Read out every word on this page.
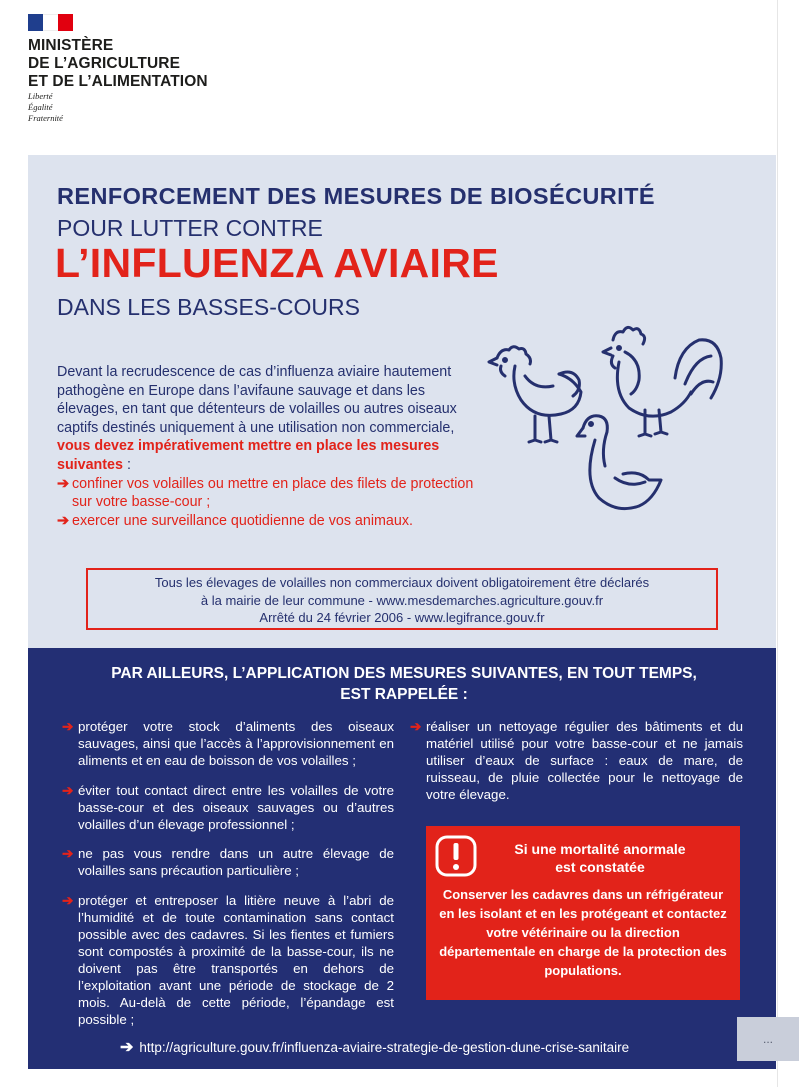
MINISTÈRE
DE L’AGRICULTURE
ET DE L’ALIMENTATION
Liberté
Égalité
Fraternité
RENFORCEMENT DES MESURES DE BIOSÉCURITÉ
POUR LUTTER CONTRE
L’INFLUENZA AVIAIRE
DANS LES BASSES-COURS
Devant la recrudescence de cas d’influenza aviaire hautement pathogène en Europe dans l’avifaune sauvage et dans les élevages, en tant que détenteurs de volailles ou autres oiseaux captifs destinés uniquement à une utilisation non commerciale, vous devez impérativement mettre en place les mesures suivantes :
➔ confiner vos volailles ou mettre en place des filets de protection sur votre basse-cour ;
➔ exercer une surveillance quotidienne de vos animaux.
Tous les élevages de volailles non commerciaux doivent obligatoirement être déclarés
à la mairie de leur commune - www.mesdemarches.agriculture.gouv.fr
Arrêté du 24 février 2006 - www.legifrance.gouv.fr
PAR AILLEURS, L’APPLICATION DES MESURES SUIVANTES, EN TOUT TEMPS,
EST RAPPELÉE :
➔ protéger votre stock d’aliments des oiseaux sauvages, ainsi que l’accès à l’approvisionnement en aliments et en eau de boisson de vos volailles ;
➔ éviter tout contact direct entre les volailles de votre basse-cour et des oiseaux sauvages ou d’autres volailles d’un élevage professionnel ;
➔ ne pas vous rendre dans un autre élevage de volailles sans précaution particulière ;
➔ protéger et entreposer la litière neuve à l’abri de l’humidité et de toute contamination sans contact possible avec des cadavres. Si les fientes et fumiers sont compostés à proximité de la basse-cour, ils ne doivent pas être transportés en dehors de l’exploitation avant une période de stockage de 2 mois. Au-delà de cette période, l’épandage est possible ;
➔ réaliser un nettoyage régulier des bâtiments et du matériel utilisé pour votre basse-cour et ne jamais utiliser d’eaux de surface : eaux de mare, de ruisseau, de pluie collectée pour le nettoyage de votre élevage.
Si une mortalité anormale
est constatée
Conserver les cadavres dans un réfrigérateur en les isolant et en les protégeant et contactez votre vétérinaire ou la direction départementale en charge de la protection des populations.
➔ http://agriculture.gouv.fr/influenza-aviaire-strategie-de-gestion-dune-crise-sanitaire
...
